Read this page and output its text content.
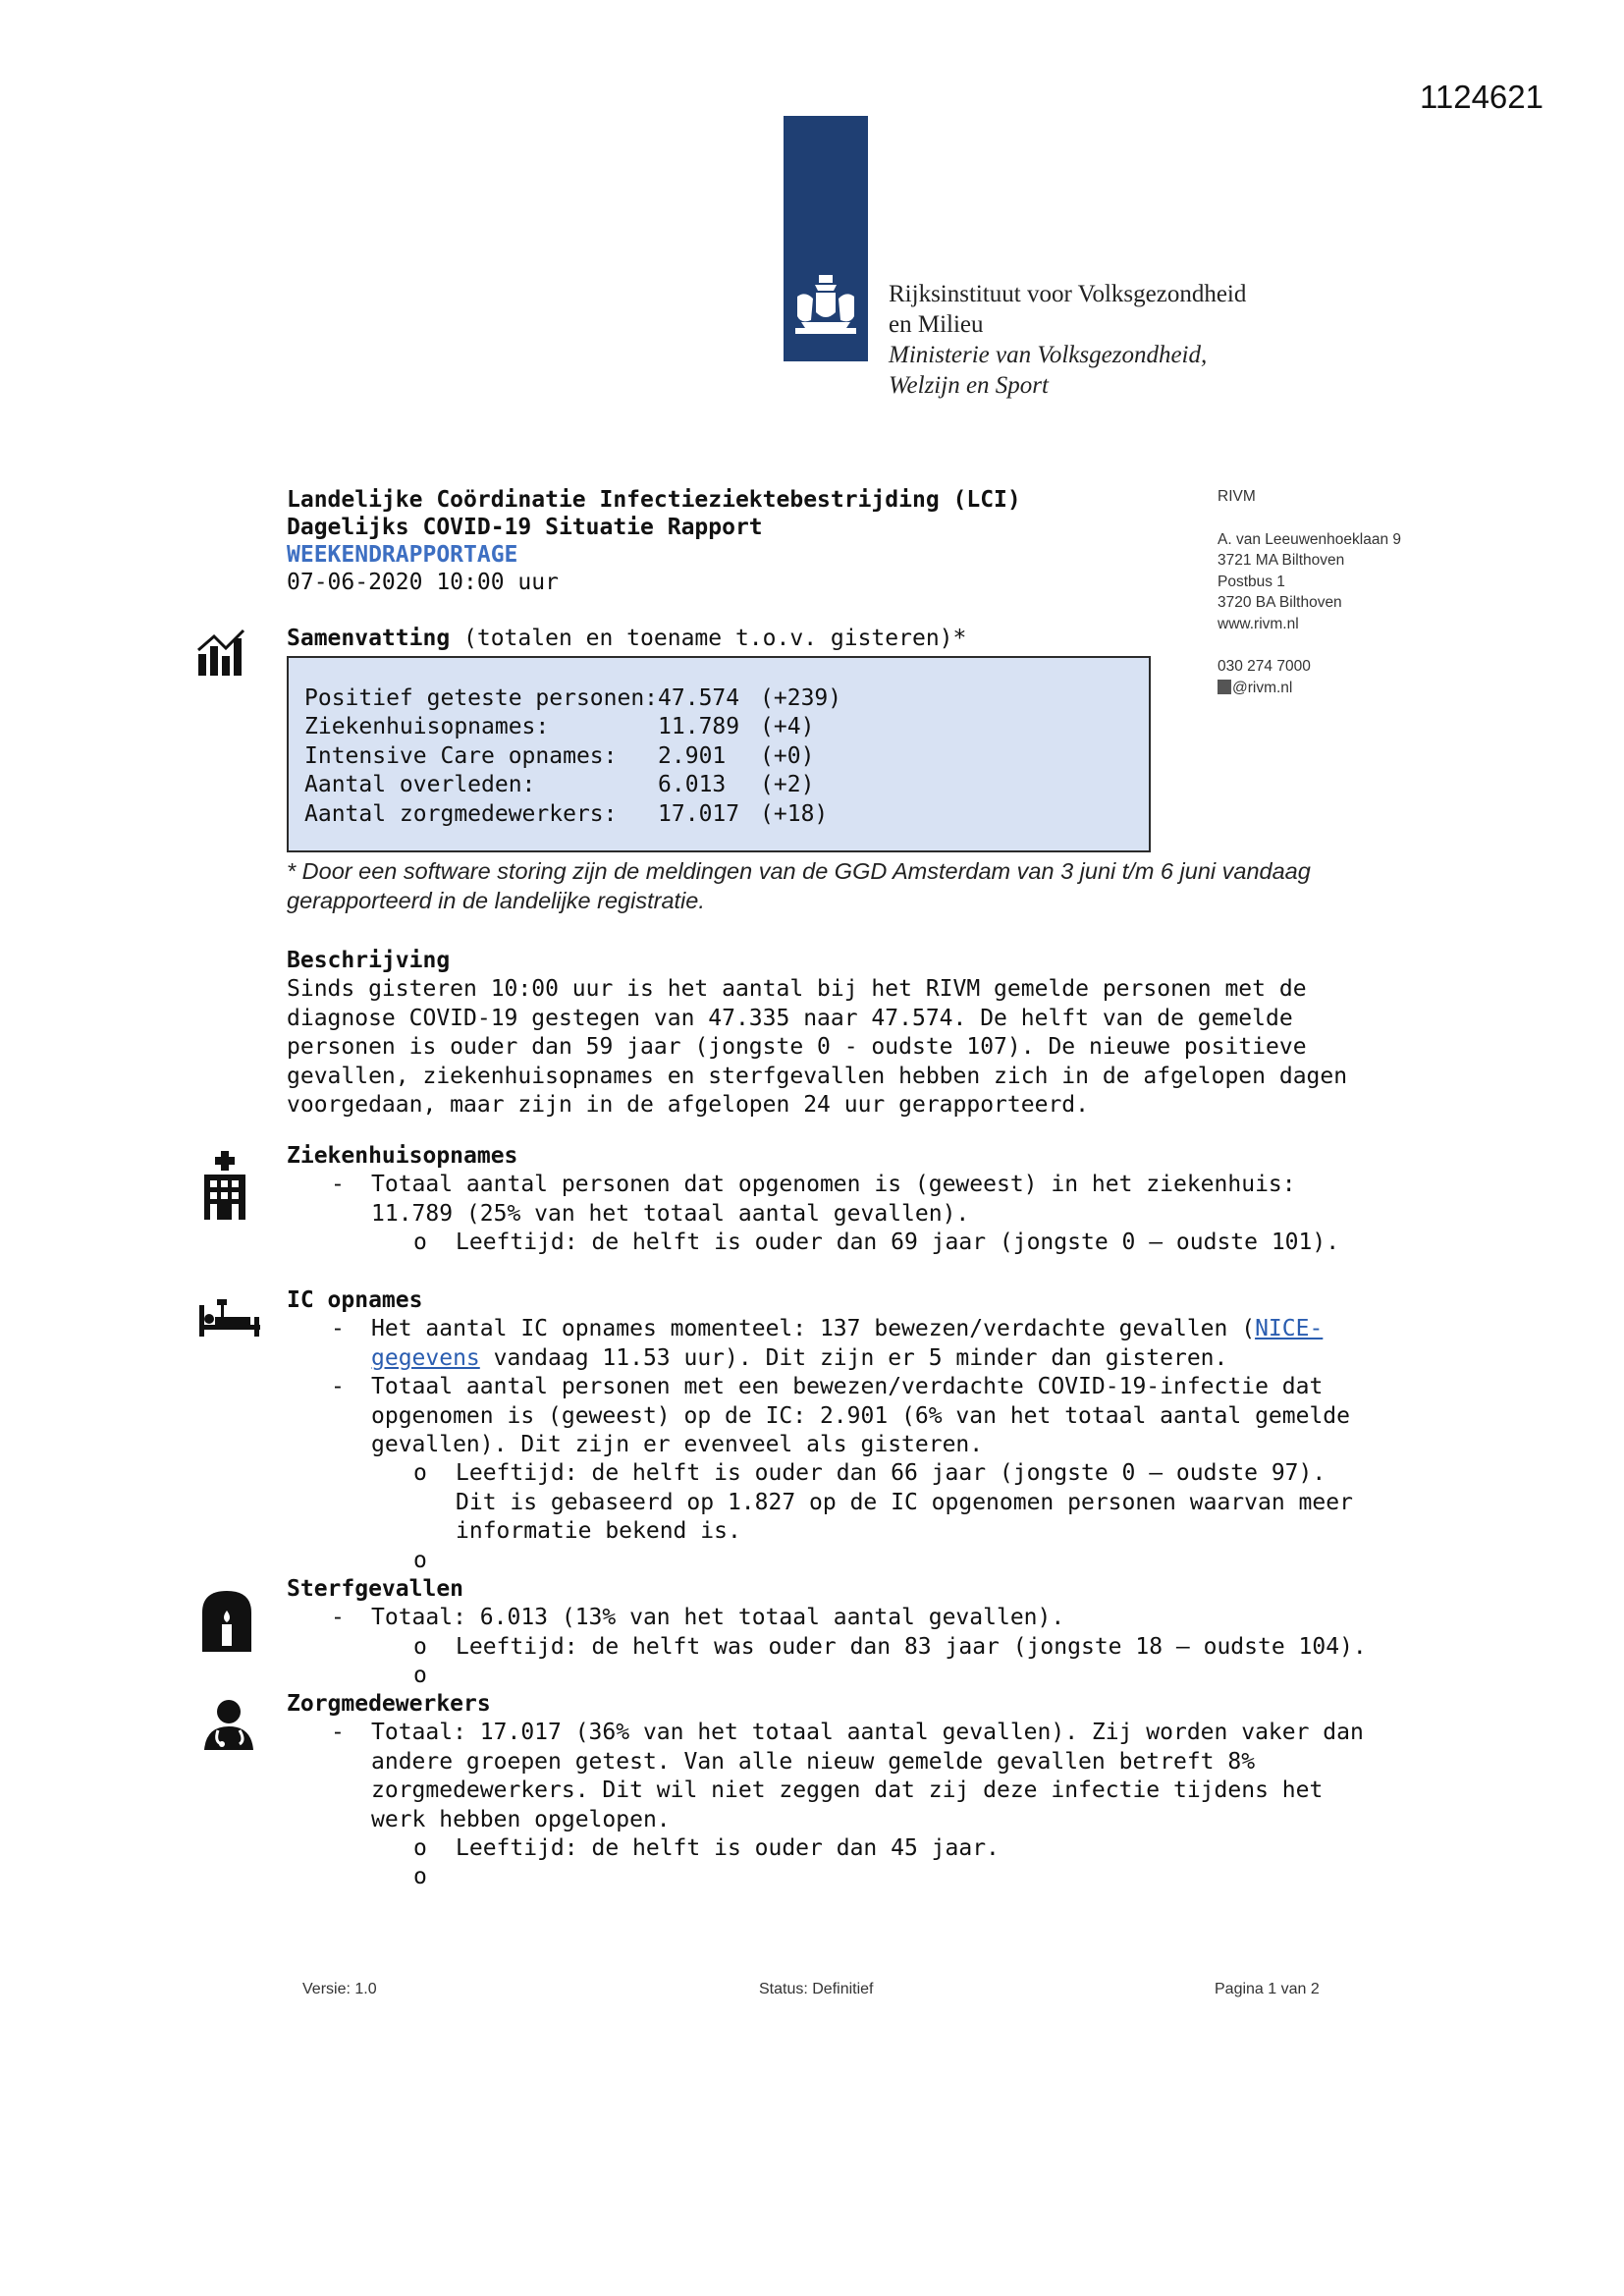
1124621
Rijksinstituut voor Volksgezondheid
en Milieu
Ministerie van Volksgezondheid,
Welzijn en Sport
RIVM
A. van Leeuwenhoeklaan 9
3721 MA Bilthoven
Postbus 1
3720 BA Bilthoven
www.rivm.nl
030 274 7000
@rivm.nl
Landelijke Coördinatie Infectieziektebestrijding (LCI)
Dagelijks COVID-19 Situatie Rapport
WEEKENDRAPPORTAGE
07-06-2020 10:00 uur
Samenvatting (totalen en toename t.o.v. gisteren)*
Positief geteste personen:	47.574	(+239)
Ziekenhuisopnames:	11.789	(+4)
Intensive Care opnames:	2.901	(+0)
Aantal overleden:	6.013	(+2)
Aantal zorgmedewerkers:	17.017	(+18)
* Door een software storing zijn de meldingen van de GGD Amsterdam van 3 juni t/m 6 juni vandaag gerapporteerd in de landelijke registratie.
Beschrijving
Sinds gisteren 10:00 uur is het aantal bij het RIVM gemelde personen met de diagnose COVID-19 gestegen van 47.335 naar 47.574. De helft van de gemelde personen is ouder dan 59 jaar (jongste 0 - oudste 107). De nieuwe positieve gevallen, ziekenhuisopnames en sterfgevallen hebben zich in de afgelopen dagen voorgedaan, maar zijn in de afgelopen 24 uur gerapporteerd.
Ziekenhuisopnames
- Totaal aantal personen dat opgenomen is (geweest) in het ziekenhuis: 11.789 (25% van het totaal aantal gevallen).
o Leeftijd: de helft is ouder dan 69 jaar (jongste 0 – oudste 101).
IC opnames
- Het aantal IC opnames momenteel: 137 bewezen/verdachte gevallen (NICE-gegevens vandaag 11.53 uur). Dit zijn er 5 minder dan gisteren.
- Totaal aantal personen met een bewezen/verdachte COVID-19-infectie dat opgenomen is (geweest) op de IC: 2.901 (6% van het totaal aantal gemelde gevallen). Dit zijn er evenveel als gisteren.
o Leeftijd: de helft is ouder dan 66 jaar (jongste 0 – oudste 97). Dit is gebaseerd op 1.827 op de IC opgenomen personen waarvan meer informatie bekend is.
o

Sterfgevallen
- Totaal: 6.013 (13% van het totaal aantal gevallen).
o Leeftijd: de helft was ouder dan 83 jaar (jongste 18 – oudste 104).
o

Zorgmedewerkers
- Totaal: 17.017 (36% van het totaal aantal gevallen). Zij worden vaker dan andere groepen getest. Van alle nieuw gemelde gevallen betreft 8% zorgmedewerkers. Dit wil niet zeggen dat zij deze infectie tijdens het werk hebben opgelopen.
o Leeftijd: de helft is ouder dan 45 jaar.
o

Versie: 1.0	Status: Definitief	Pagina 1 van 2
